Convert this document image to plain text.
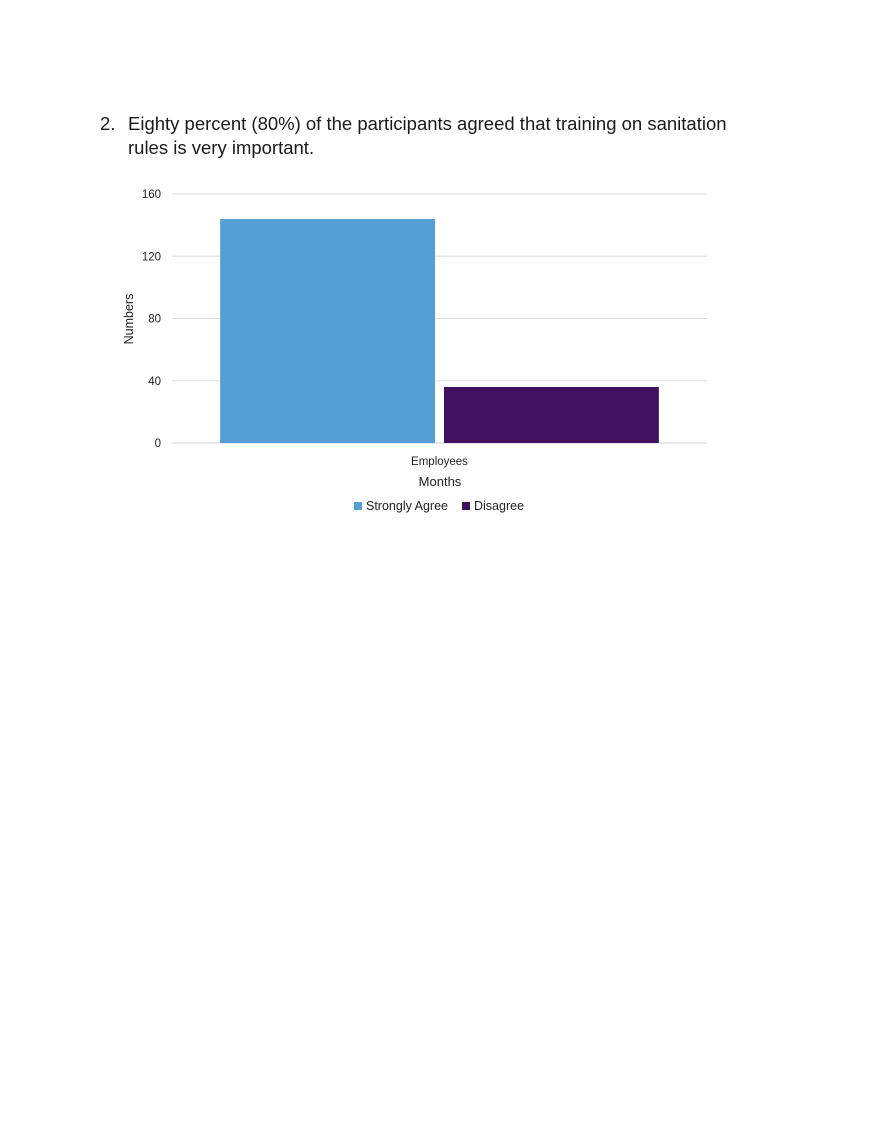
2. Eighty percent (80%) of the participants agreed that training on sanitation rules is very important.
0
40
80
120
160
Numbers
Months
Employees
Strongly Agree Disagree
